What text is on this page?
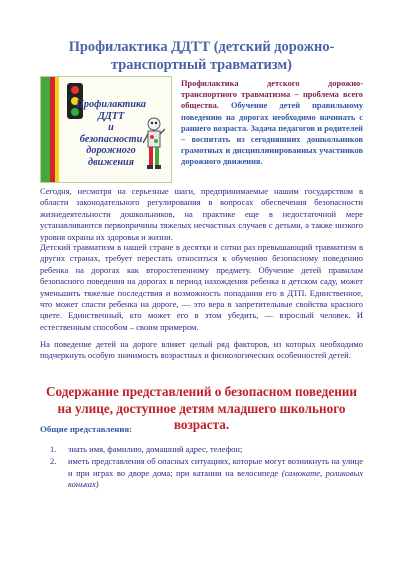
Профилактика ДДТТ (детский дорожно-транспортный травматизм)
Профилактика
ДДТТ
и
безопасности
дорожного
движения
Профилактика детского дорожно-транспортного травматизма – проблема всего общества. Обучение детей правильному поведению на дорогах необходимо начинать с раннего возраста. Задача педагогов и родителей – воспитать из сегодняшних дошкольников грамотных и дисциплинированных участников дорожного движения.
Сегодня, несмотря на серьезные шаги, предпринимаемые нашим государством в области законодательного регулирования в вопросах обеспечения безопасности жизнедеятельности дошкольников, на практике еще в недостаточной мере устанавливаются первопричины тяжелых несчастных случаев с детьми, а также низкого уровня охраны их здоровья и жизни.
Детский травматизм в нашей стране в десятки и сотни раз превышающий травматизм в других странах, требует перестать относиться к обучению безопасному поведению ребенка на дорогах как второстепенному предмету. Обучение детей правилам безопасного поведения на дорогах в период нахождения ребенка в детском саду, может уменьшить тяжелые последствия и возможность попадания его в ДТП. Единственное, что может спасти ребенка на дороге, — это вера в запретительные свойства красного цвете. Единственный, кто может его в этом убедить, — взрослый человек. И естественным способом – своим примером.
На поведение детей на дороге влияет целый ряд факторов, из которых необходимо подчеркнуть особую значимость возрастных и физиологических особенностей детей.
Содержание представлений о безопасном поведении на улице, доступное детям младшего школьного возраста.
Общие представления:
1. знать имя, фамилию, домашний адрес, телефон;
2. иметь представления об опасных ситуациях, которые могут возникнуть на улице и при играх во дворе дома; при катании на велосипеде (самокате, роликовых коньках)
